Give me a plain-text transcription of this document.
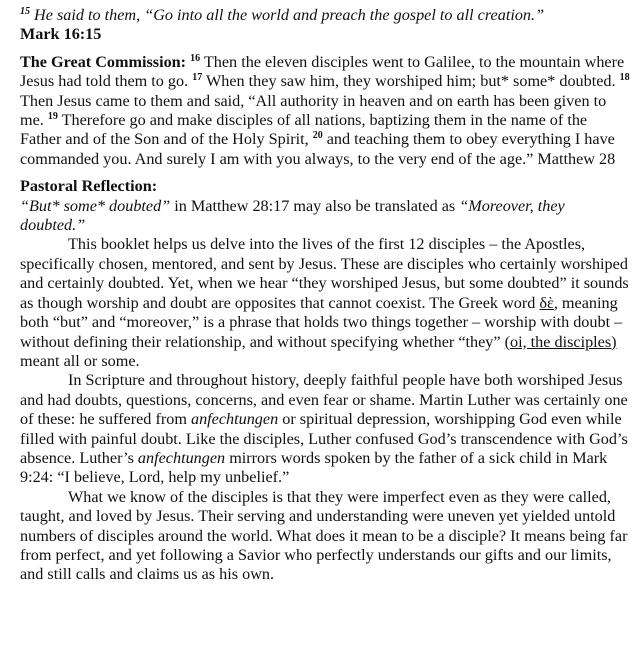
$^{15}$ He said to them, “Go into all the world and preach the gospel to all creation.”

Mark 16:15

The Great Commission: $^{16}$ Then the eleven disciples went to Galilee, to the mountain where Jesus had told them to go. $^{17}$ When they saw him, they worshiped him; but* some* doubted. $^{18}$ Then Jesus came to them and said, “All authority in heaven and on earth has been given to me. $^{19}$ Therefore go and make disciples of all nations, baptizing them in the name of the Father and of the Son and of the Holy Spirit, $^{20}$ and teaching them to obey everything I have commanded you. And surely I am with you always, to the very end of the age.” Matthew 28

Pastoral Reflection:

“But* some* doubted” in Matthew 28:17 may also be translated as “Moreover, they doubted.”

This booklet helps us delve into the lives of the first 12 disciples – the Apostles, specifically chosen, mentored, and sent by Jesus. These are disciples who certainly worshiped and certainly doubted. Yet, when we hear “they worshiped Jesus, but some doubted” it sounds as though worship and doubt are opposites that cannot coexist. The Greek word δὲ, meaning both “but” and “moreover,” is a phrase that holds two things together – worship with doubt – without defining their relationship, and without specifying whether “they” (oi, the disciples) meant all or some.

In Scripture and throughout history, deeply faithful people have both worshiped Jesus and had doubts, questions, concerns, and even fear or shame. Martin Luther was certainly one of these: he suffered from anfechtungen or spiritual depression, worshipping God even while filled with painful doubt. Like the disciples, Luther confused God’s transcendence with God’s absence. Luther’s anfechtungen mirrors words spoken by the father of a sick child in Mark 9:24: “I believe, Lord, help my unbelief.”

What we know of the disciples is that they were imperfect even as they were called, taught, and loved by Jesus. Their serving and understanding were uneven yet yielded untold numbers of disciples around the world. What does it mean to be a disciple? It means being far from perfect, and yet following a Savior who perfectly understands our gifts and our limits, and still calls and claims us as his own.
